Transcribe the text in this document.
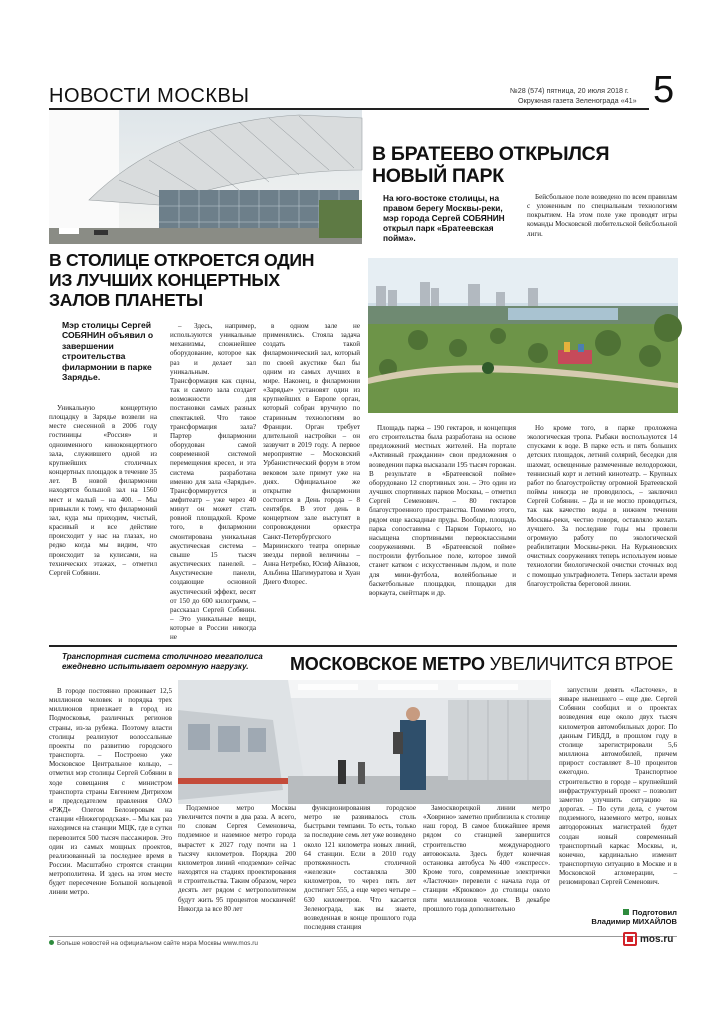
НОВОСТИ МОСКВЫ	№28 (574) пятница, 20 июля 2018 г.
Окружная газета Зеленограда «41» 5
В СТОЛИЦЕ ОТКРОЕТСЯ ОДИН ИЗ ЛУЧШИХ КОНЦЕРТНЫХ ЗАЛОВ ПЛАНЕТЫ
Мэр столицы Сергей СОБЯНИН объявил о завершении строительства филармонии в парке Зарядье.

Уникальную концертную площадку в Зарядье возвели на месте снесенной в 2006 году гостиницы «Россия» и одноименного киноконцертного зала, служившего одной из крупнейших столичных концертных площадок в течение 35 лет. В новой филармонии находятся большой зал на 1560 мест и малый – на 400. – Мы привыкли к тому, что филармоний зал, куда мы приходим, чистый, красивый и все действие происходит у нас на глазах, но редко когда мы видим, что происходит за кулисами, на технических этажах, – отметил Сергей Собянин.

– Здесь, например, используются уникальные механизмы, сложнейшее оборудование, которое как раз и делает зал уникальным. Трансформация как сцены, так и самого зала создает возможности для постановки самых разных спектаклей. Что такое трансформация зала? Партер филармонии оборудован самой современной системой перемещения кресел, и эта система разработана именно для зала «Зарядье». Трансформируется и амфитеатр – уже через 40 минут он может стать ровной площадкой. Кроме того, в филармонии смонтирована уникальная акустическая система – свыше 15 тысяч акустических панелей. – Акустические панели, создающие основной акустический эффект, весят от 150 до 600 килограмм, – рассказал Сергей Собянин. – Это уникальные вещи, которые в России никогда не

в одном зале не применялись. Стояла задача создать такой филармонический зал, который по своей акустике был бы одним из самых лучших в мире. Наконец, в филармонии «Зарядье» установят один из крупнейших в Европе орган, который собран вручную по старинным технологиям во Франции. Орган требует длительной настройки – он зазвучит в 2019 году. А первое мероприятие – Московский Урбанистический форум в этом вековом зале примут уже на днях. Официальное же открытие филармонии состоится в День города – 8 сентября. В этот день в концертном зале выступят в сопровождении оркестра Санкт-Петербургского Мариинского театра оперные звезды первой величины – Анна Нетребко, Юсиф Айвазов, Альбина Шагимуратова и Хуан Диего Флорес.

В БРАТЕЕВО ОТКРЫЛСЯ
НОВЫЙ ПАРК
На юго-востоке столицы, на правом берегу Москвы-реки, мэр города Сергей СОБЯНИН открыл парк «Братеевская пойма».

Бейсбольное поле возведено по всем правилам с уложенным по специальным технологиям покрытием. На этом поле уже проводят игры команды Московской любительской бейсбольной лиги.

Площадь парка – 190 гектаров, и концепция его строительства была разработана на основе предложений местных жителей. На портале «Активный гражданин» свои предложения о возведении парка высказали 195 тысяч горожан. В результате в «Братеевской пойме» оборудовано 12 спортивных зон. – Это один из лучших спортивных парков Москвы, – отметил Сергей Семенович. – 80 гектаров благоустроенного пространства. Помимо этого, рядом еще каскадные пруды. Вообще, площадь парка сопоставима с Парком Горького, но насыщена спортивными первоклассными сооружениями. В «Братеевской пойме» построили футбольное поле, которое зимой станет катком с искусственным льдом, и поле для мини-футбола, волейбольные и баскетбольные площадки, площадки для воркаута, скейтпарк и др.

Но кроме того, в парке проложена экологическая тропа. Рыбаки воспользуются 14 спусками к воде. В парке есть и пять больших детских площадок, летний солярий, беседки для шахмат, освещенные размеченные велодорожки, теннисный корт и летний кинотеатр. – Крупных работ по благоустройству огромной Братеевской поймы никогда не проводилось, – заключил Сергей Собянин. – Да и не могло проводиться, так как качество воды в нижнем течении Москвы-реки, честно говоря, оставляло желать лучшего. За последние годы мы провели огромную работу по экологической реабилитации Москвы-реки. На Курьяновских очистных сооружениях теперь используем новые технологии биологической очистки сточных вод с помощью ультрафиолета. Теперь застали время благоустройства береговой линии.

Транспортная система столичного мегаполиса ежедневно испытывает огромную нагрузку.	МОСКОВСКОЕ МЕТРО УВЕЛИЧИТСЯ ВТРОЕ

В городе постоянно проживает 12,5 миллионов человек и порядка трех миллионов приезжает в город из Подмосковья, различных регионов страны, из-за рубежа. Поэтому власти столицы реализуют волоссальные проекты по развитию городского транспорта. – Построено уже Московское Центральное кольцо, – отметил мэр столицы Сергей Собянин в ходе совещания с министром транспорта страны Евгением Дитрихом и председателем правления ОАО «РЖД» Олегом Белозеровым на станции «Нижегородская». – Мы как раз находимся на станции МЦК, где в сутки перевозится 500 тысяч пассажиров. Это один из самых мощных проектов, реализованный за последнее время в России. Масштабно строятся станции метрополитена. И здесь на этом месте будет пересечение Большой кольцевой линии метро.

Подземное метро Москвы увеличится почти в два раза. А всего, по словам Сергея Семеновича, подземное и наземное метро города вырастет к 2027 году почти на 1 тысячу километров. Порядка 200 километров линий «подземки» сейчас находятся на стадиях проектирования и строительства. Таким образом, через десять лет рядом с метрополитеном будут жить 95 процентов москвичей! Никогда за все 80 лет

функционирования городское метро не развивалось столь быстрыми темпами. То есть, только за последние семь лет уже возведено около 121 километра новых линий, 64 станции. Если в 2010 году протяженность столичной «железки» составляла 300 километров, то через пять лет достигнет 555, а еще через четыре – 630 километров. Что касается Зеленограда, как вы знаете, возведенная в конце прошлого года последняя станция

Замоскворецкой линии метро «Ховрино» заметно приблизила к столице наш город. В самое ближайшее время рядом со станцией завершится строительство международного автовокзала. Здесь будет конечная остановка автобуса №400 «экспресс». Кроме того, современные электрички «Ласточки» перевели с начала года от станции «Крюково» до столицы около пяти миллионов человек. В декабре прошлого года дополнительно

запустили девять «Ласточек», в январе нынешнего – еще две. Сергей Собянин сообщил и о проектах возведения еще около двух тысяч километров автомобильных дорог. По данным ГИБДД, в прошлом году в столице зарегистрировали 5,6 миллиона автомобилей, причем прирост составляет 8–10 процентов ежегодно. Транспортное строительство в городе – крупнейший инфраструктурный проект – позволит заметно улучшить ситуацию на дорогах. – По сути дела, с учетом подземного, наземного метро, новых автодорожных магистралей будет создан новый современный транспортный каркас Москвы, и, конечно, кардинально изменит транспортную ситуацию в Москве и в Московской агломерации, – резюмировал Сергей Семенович.

Подготовил
Владимир МИХАЙЛОВ
Больше новостей на официальном сайте мэра Москвы www.mos.ru	mos.ru
